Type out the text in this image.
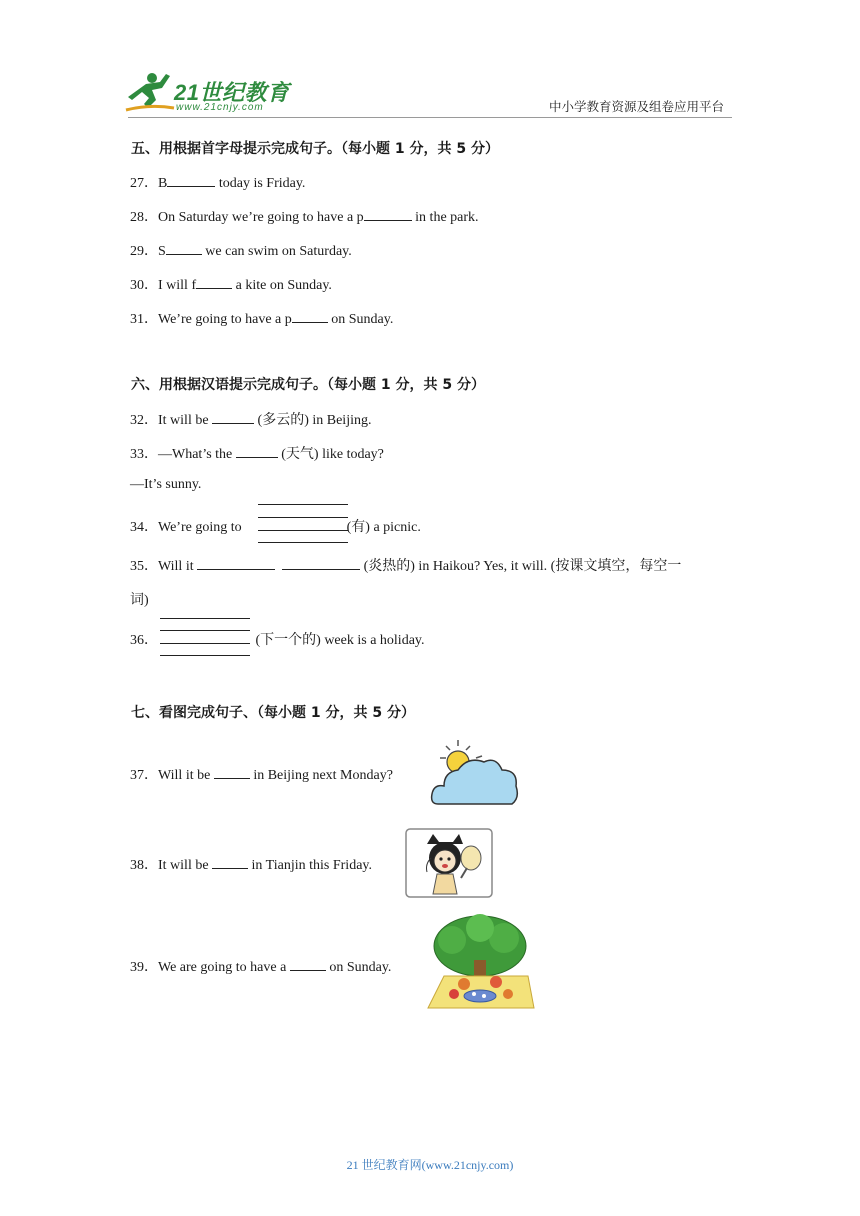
21世纪教育
www.21cnjy.com	中小学教育资源及组卷应用平台
五、用根据首字母提示完成句子。（每小题 1 分，共 5 分）
27．B	today is Friday.
28．On Saturday we’re going to have a p	in the park.
29．S	we can swim on Saturday.
30．I will f	a kite on Sunday.
31．We’re going to have a p	on Sunday.
六、用根据汉语提示完成句子。（每小题 1 分，共 5 分）
32．It will be	(多云的) in Beijing.
33．—What’s the	(天气) like today?
—It’s sunny.
34．We’re going to	(有) a picnic.
35．Will it	(炎热的) in Haikou? Yes, it will. (按课文填空，每空一
词)
36．	(下一个的) week is a holiday.
七、看图完成句子、（每小题 1 分，共 5 分）
37．Will it be	in Beijing next Monday?
38．It will be	in Tianjin this Friday.
39．We are going to have a	on Sunday.
21 世纪教育网(www.21cnjy.com)
